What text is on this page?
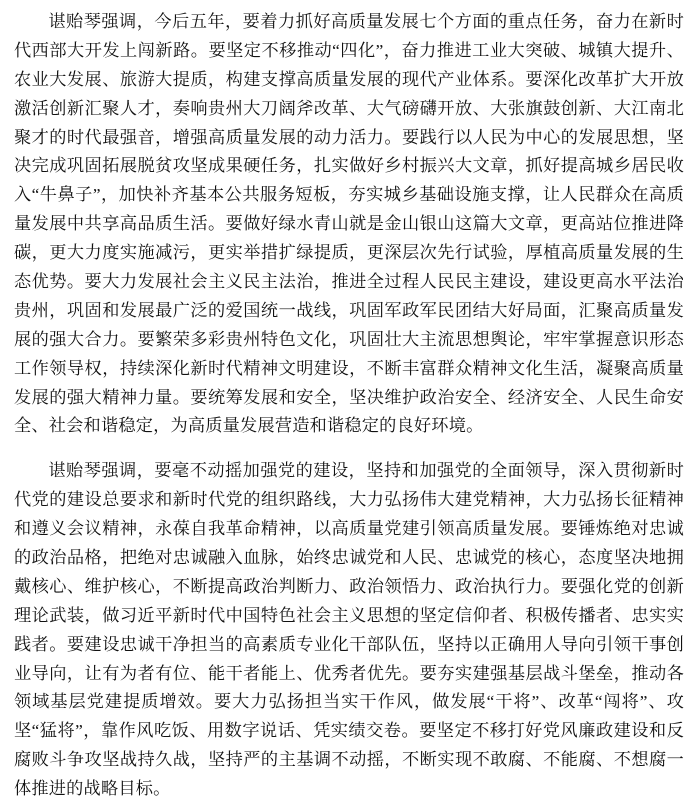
谌贻琴强调，今后五年，要着力抓好高质量发展七个方面的重点任务，奋力在新时代西部大开发上闯新路。要坚定不移推动“四化”，奋力推进工业大突破、城镇大提升、农业大发展、旅游大提质，构建支撑高质量发展的现代产业体系。要深化改革扩大开放激活创新汇聚人才，奏响贵州大刀阔斧改革、大气磅礴开放、大张旗鼓创新、大江南北聚才的时代最强音，增强高质量发展的动力活力。要践行以人民为中心的发展思想，坚决完成巩固拓展脱贫攻坚成果硬任务，扎实做好乡村振兴大文章，抓好提高城乡居民收入“牛鼻子”，加快补齐基本公共服务短板，夯实城乡基础设施支撑，让人民群众在高质量发展中共享高品质生活。要做好绿水青山就是金山银山这篇大文章，更高站位推进降碳，更大力度实施减污，更实举措扩绿提质，更深层次先行试验，厚植高质量发展的生态优势。要大力发展社会主义民主法治，推进全过程人民民主建设，建设更高水平法治贵州，巩固和发展最广泛的爱国统一战线，巩固军政军民团结大好局面，汇聚高质量发展的强大合力。要繁荣多彩贵州特色文化，巩固壮大主流思想舆论，牢牢掌握意识形态工作领导权，持续深化新时代精神文明建设，不断丰富群众精神文化生活，凝聚高质量发展的强大精神力量。要统筹发展和安全，坚决维护政治安全、经济安全、人民生命安全、社会和谐稳定，为高质量发展营造和谐稳定的良好环境。

谌贻琴强调，要毫不动摇加强党的建设，坚持和加强党的全面领导，深入贯彻新时代党的建设总要求和新时代党的组织路线，大力弘扬伟大建党精神，大力弘扬长征精神和遵义会议精神，永葆自我革命精神，以高质量党建引领高质量发展。要锤炼绝对忠诚的政治品格，把绝对忠诚融入血脉，始终忠诚党和人民、忠诚党的核心，态度坚决地拥戴核心、维护核心，不断提高政治判断力、政治领悟力、政治执行力。要强化党的创新理论武装，做习近平新时代中国特色社会主义思想的坚定信仰者、积极传播者、忠实实践者。要建设忠诚干净担当的高素质专业化干部队伍，坚持以正确用人导向引领干事创业导向，让有为者有位、能干者能上、优秀者优先。要夯实建强基层战斗堡垒，推动各领域基层党建提质增效。要大力弘扬担当实干作风，做发展“干将”、改革“闯将”、攻坚“猛将”，靠作风吃饭、用数字说话、凭实绩交卷。要坚定不移打好党风廉政建设和反腐败斗争攻坚战持久战，坚持严的主基调不动摇，不断实现不敢腐、不能腐、不想腐一体推进的战略目标。
